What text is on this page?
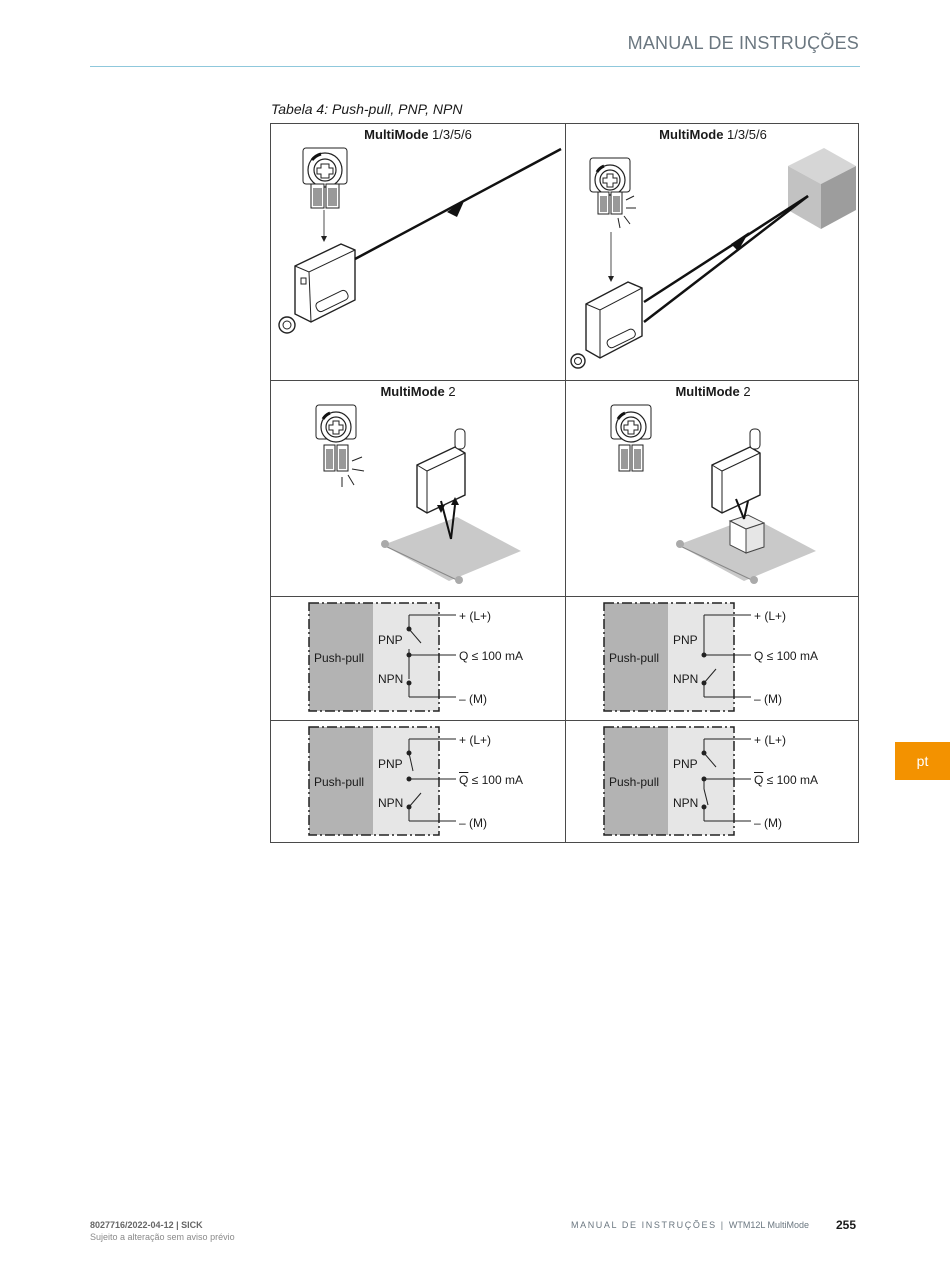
MANUAL DE INSTRUÇÕES
Tabela 4: Push-pull, PNP, NPN
MultiMode 1/3/5/6	MultiMode 1/3/5/6
MultiMode 2	MultiMode 2
Push-pull
PNP
NPN
+ (L+)
Q ≤ 100 mA
– (M)
Push-pull
PNP
NPN
+ (L+)
Q ≤ 100 mA
– (M)
Push-pull
PNP
NPN
+ (L+)
$\overline{Q} \le 100$ mA
– (M)
Push-pull
PNP
NPN
+ (L+)
$\overline{Q} \le 100$ mA
– (M)
pt
8027716/2022-04-12 | SICK
Sujeito a alteração sem aviso prévio
MANUAL DE INSTRUÇÕES | WTM12L MultiMode 255
